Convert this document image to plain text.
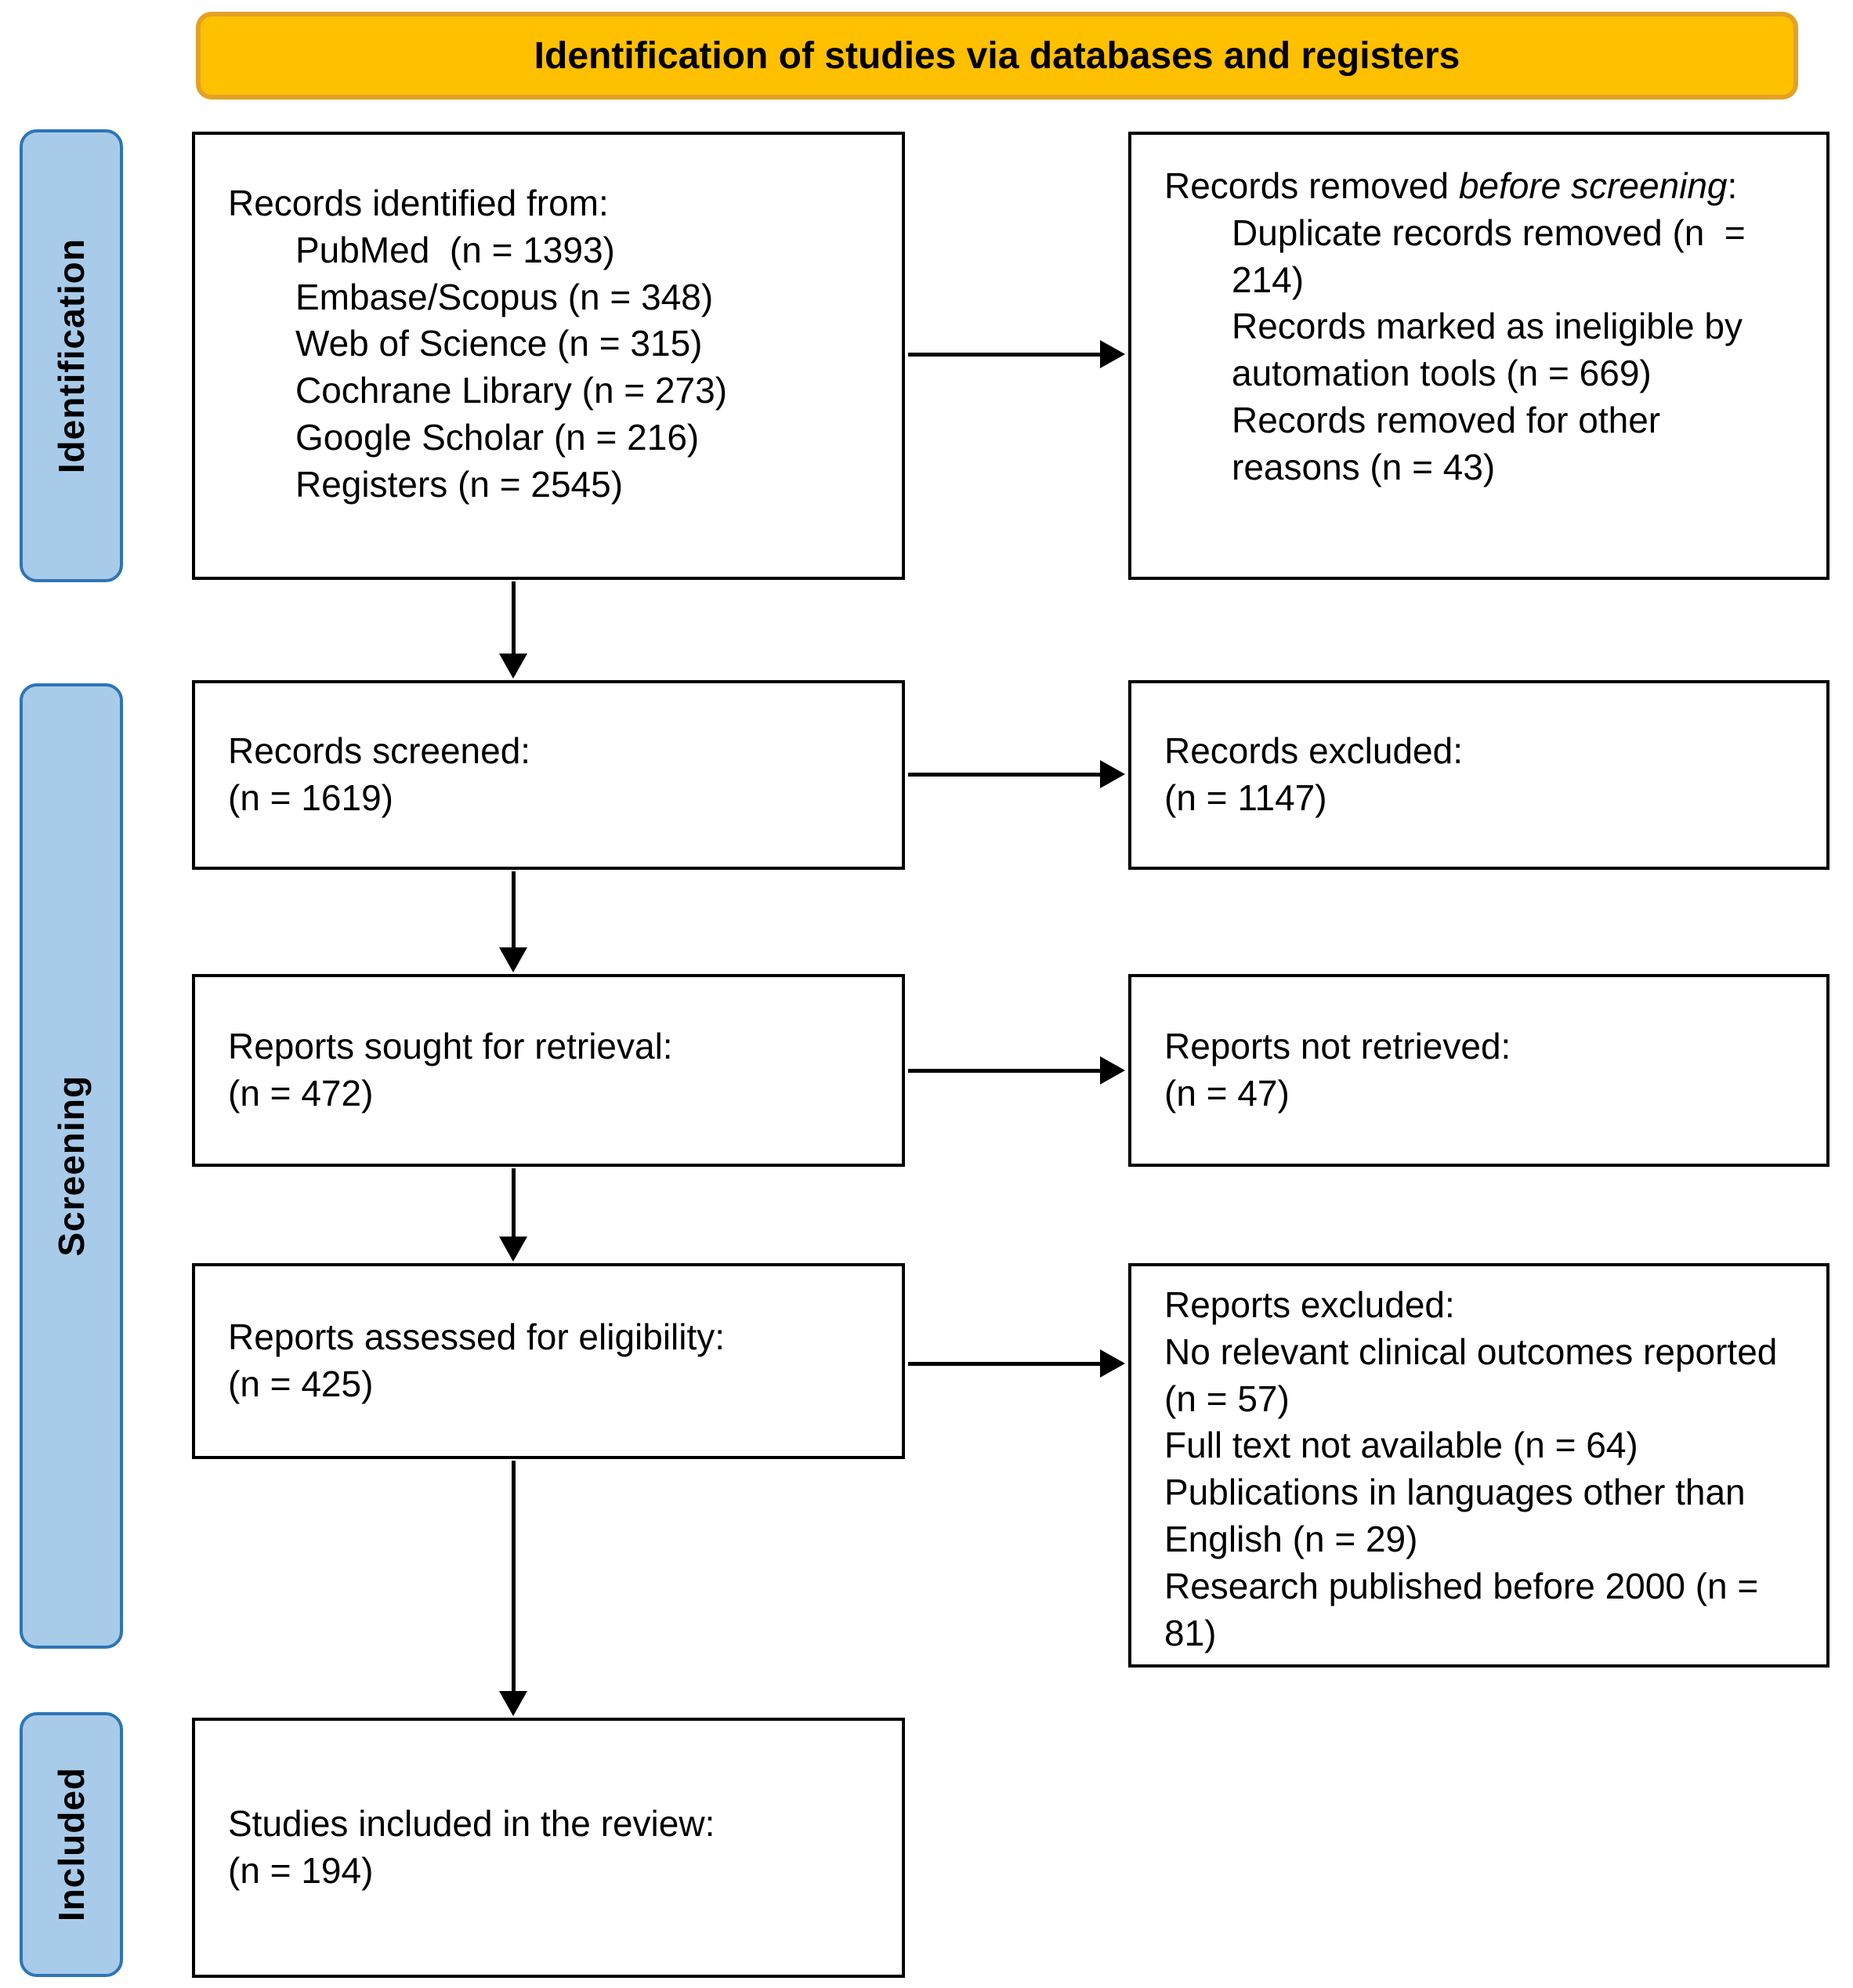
Identification of studies via databases and registers
Identification
Screening
Included
Records identified from:
PubMed  (n = 1393)
Embase/Scopus (n = 348)
Web of Science (n = 315)
Cochrane Library (n = 273)
Google Scholar (n = 216)
Registers (n = 2545)
Records removed before screening:
Duplicate records removed (n  = 214)
Records marked as ineligible by automation tools (n = 669)
Records removed for other reasons (n = 43)
Records screened:
(n = 1619)
Records excluded:
(n = 1147)
Reports sought for retrieval:
(n = 472)
Reports not retrieved:
(n = 47)
Reports assessed for eligibility:
(n = 425)
Reports excluded:
No relevant clinical outcomes reported (n = 57)
Full text not available (n = 64)
Publications in languages other than English (n = 29)
Research published before 2000 (n = 81)
Studies included in the review:
(n = 194)
